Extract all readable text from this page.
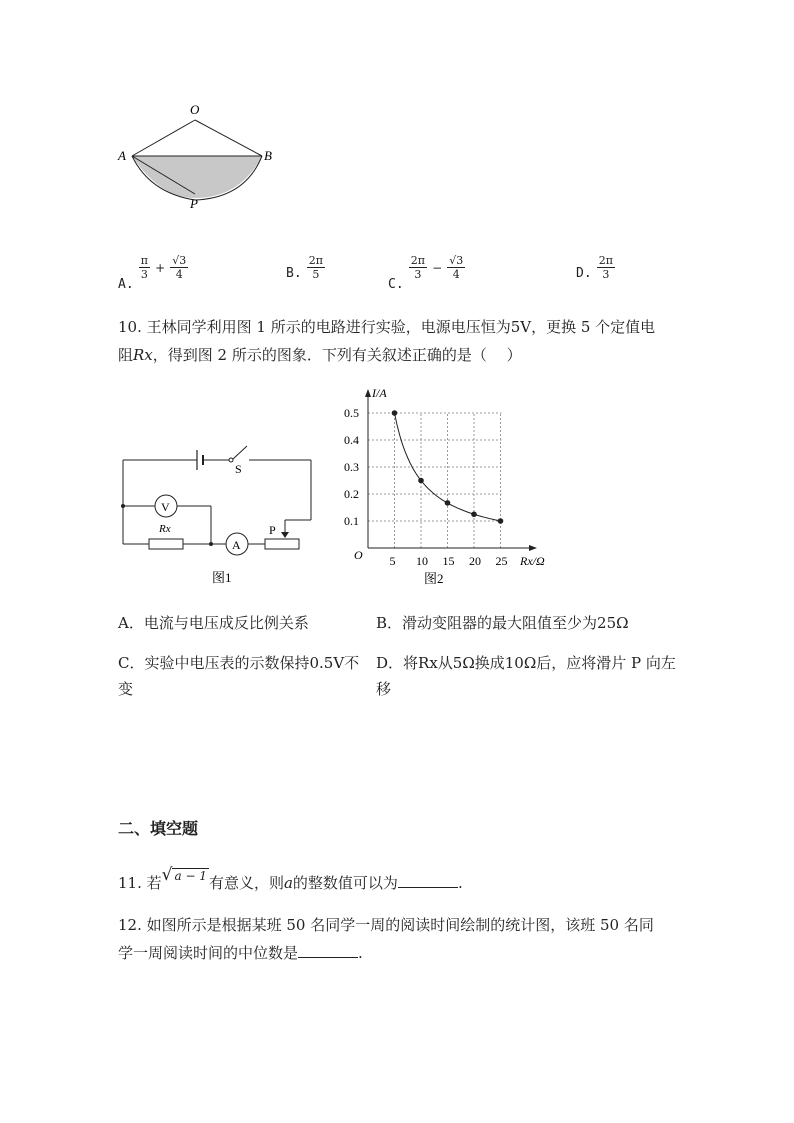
O
A	B
P
$_{A.}$
$\frac{\pi}{3} + \frac{√3}{4}$	$_{B.} \frac{2\pi}{5}$
$_{C.}$
$\frac{2\pi}{3} - \frac{√3}{4}$	$_{D.} \frac{2\pi}{3}$
10. 王林同学利用图 1 所示的电路进行实验，电源电压恒为5V，更换 5 个定值电
阻Rx，得到图 2 所示的图象．下列有关叙述正确的是（　 ）
S
P
V
Rx
A
图1
I/A
Rx/Ω
O 5 10 15 20 25
0.1
0.2
0.3
0.4
0.5
图2
A．电流与电压成反比例关系	B．滑动变阻器的最大阻值至少为25Ω
C．实验中电压表的示数保持0.5V不
变
D．将Rx从5Ω换成10Ω后，应将滑片 P 向左
移
二、填空题
11. 若√ a − 1 有意义，则a的整数值可以为	.
12. 如图所示是根据某班 50 名同学一周的阅读时间绘制的统计图，该班 50 名同
学一周阅读时间的中位数是	.
